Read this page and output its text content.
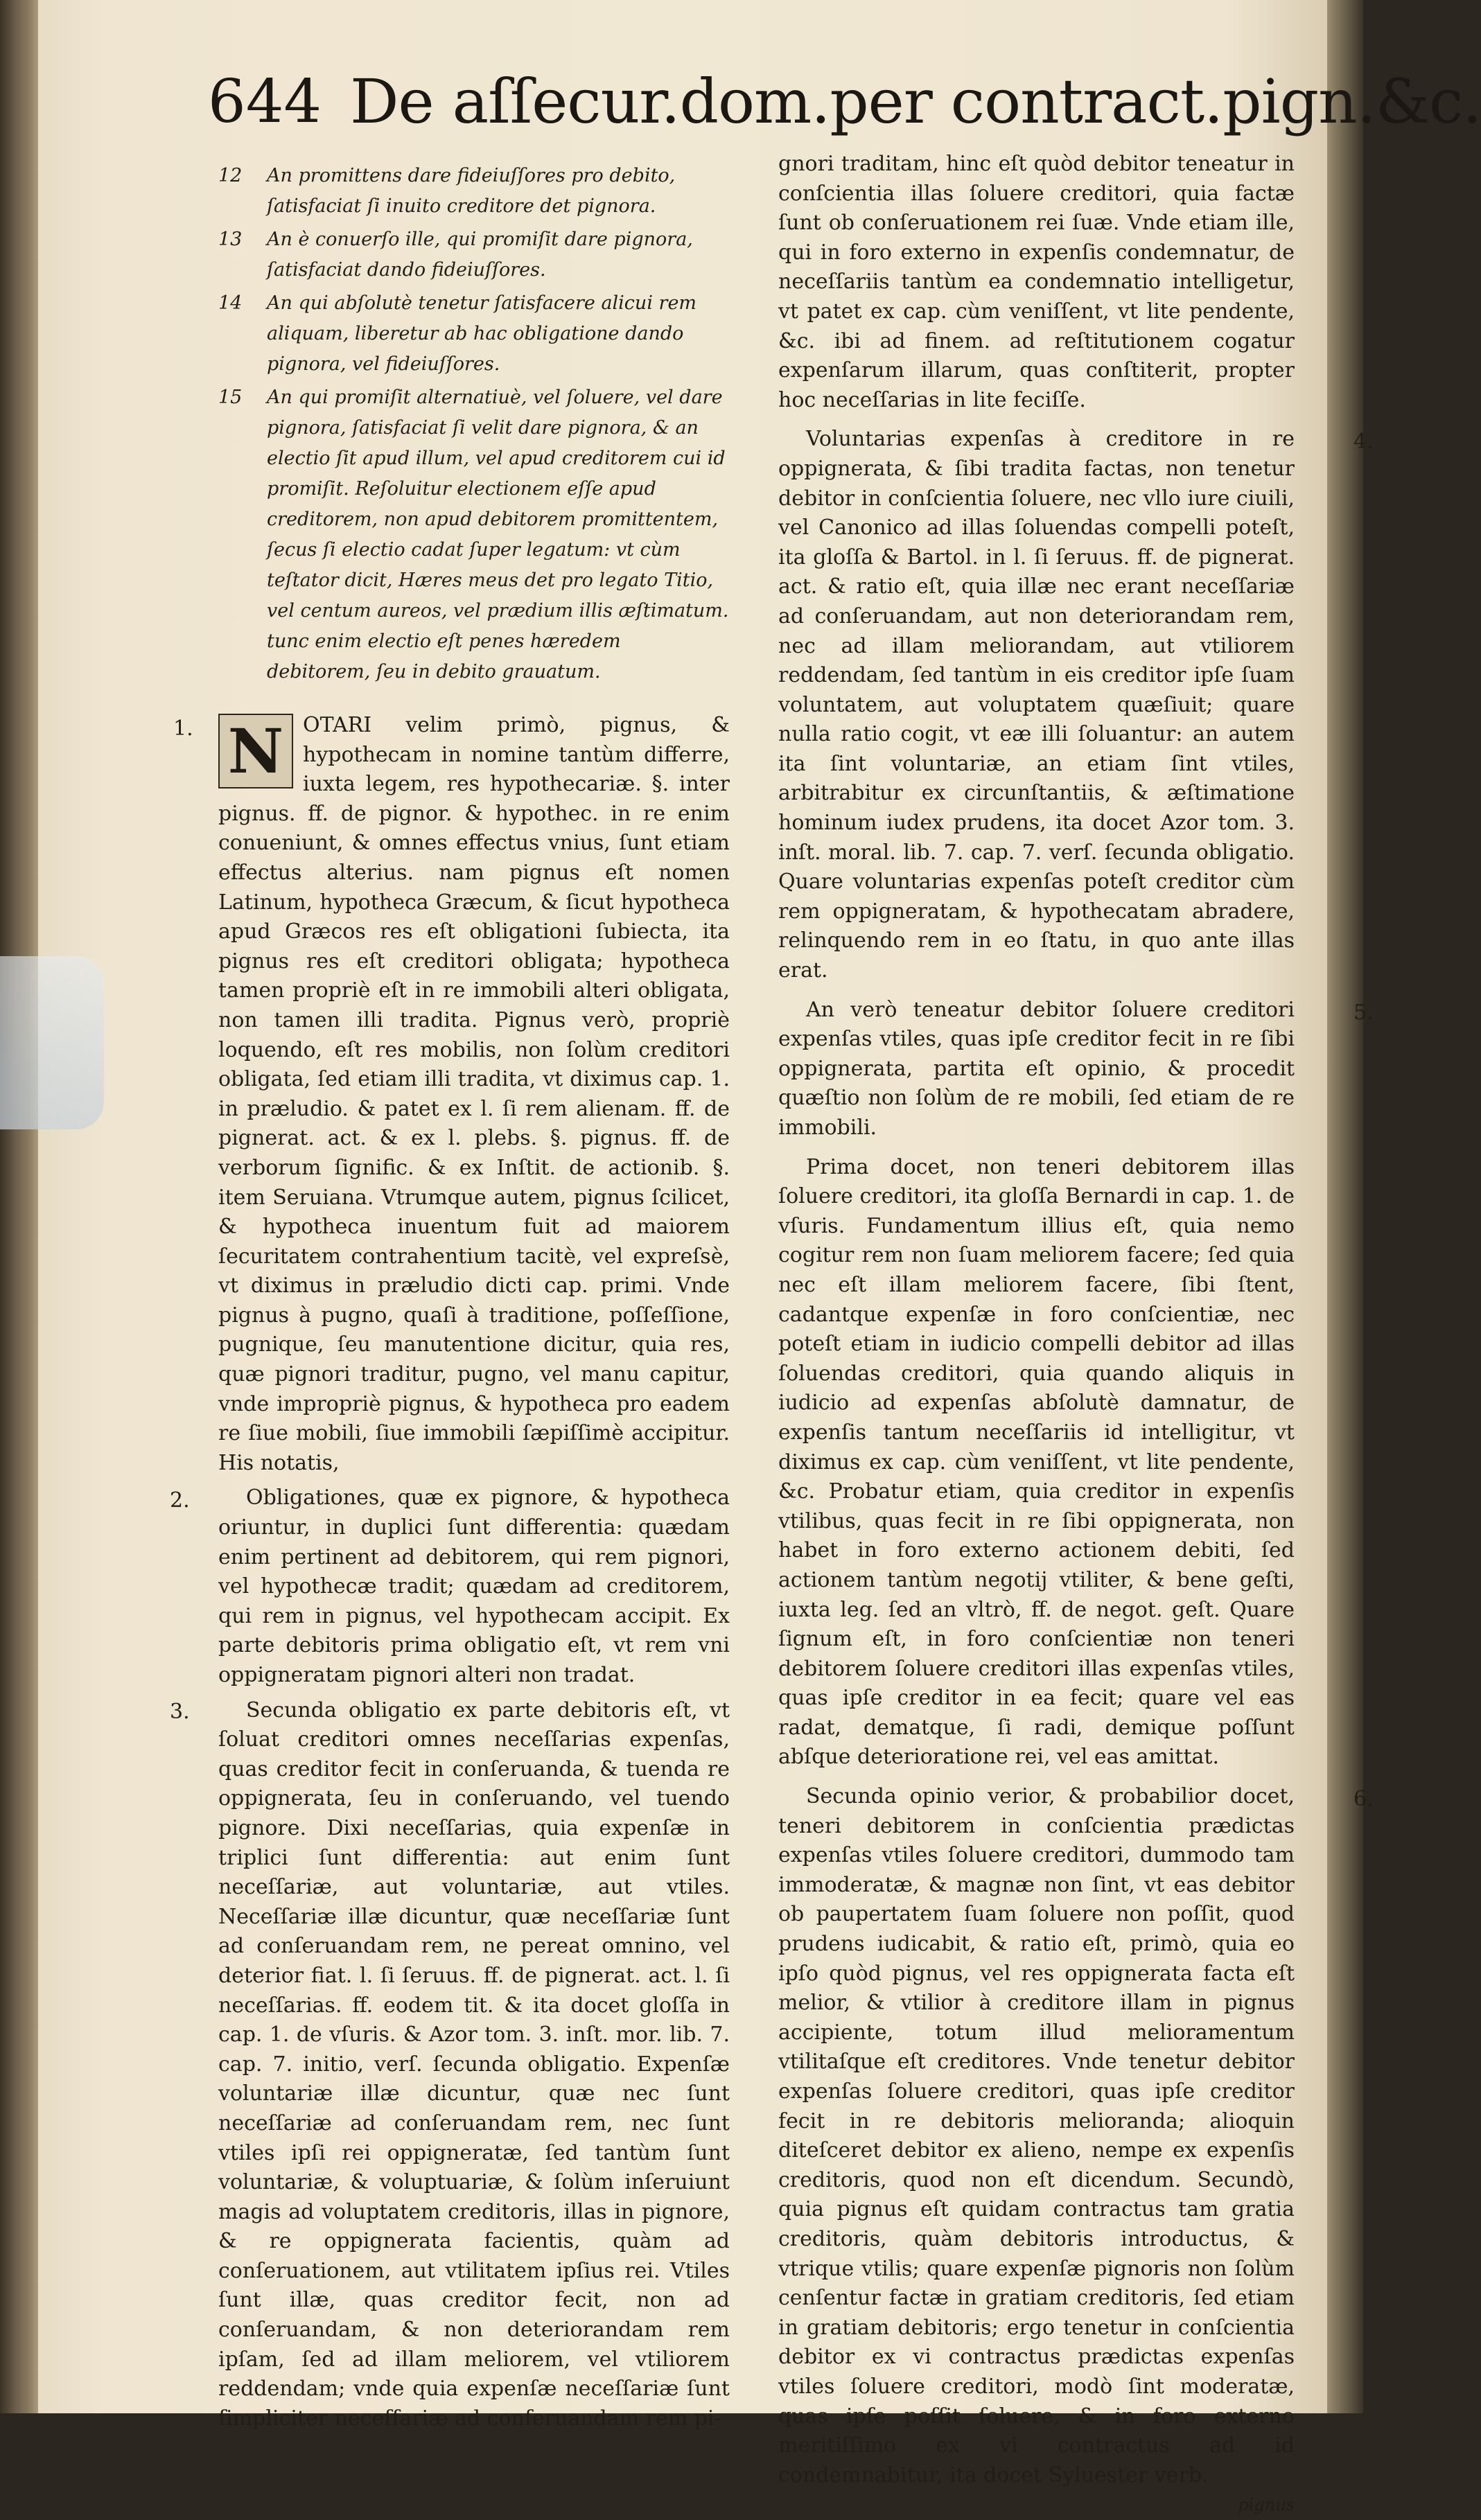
644 De aſſecur.dom.per contract.pign.&c.
12 An promittens dare fideiuſſores pro debito, ſatisfaciat ſi inuito creditore det pignora.
13 An è conuerſo ille, qui promiſit dare pignora, ſatisfaciat dando fideiuſſores.
14 An qui abſolutè tenetur ſatisfacere alicui rem aliquam, liberetur ab hac obligatione dando pignora, vel fideiuſſores.
15 An qui promiſit alternatiuè, vel ſoluere, vel dare pignora, ſatisfaciat ſi velit dare pignora, & an electio ſit apud illum, vel apud creditorem cui id promiſit. Reſoluitur electionem eſſe apud creditorem, non apud debitorem promittentem, ſecus ſi electio cadat ſuper legatum: vt cùm teſtator dicit, Hæres meus det pro legato Titio, vel centum aureos, vel prædium illis æſtimatum. tunc enim electio eſt penes hæredem debitorem, ſeu in debito grauatum.
1. N OTARI velim primò, pignus, & hypothecam in nomine tantùm differre, iuxta legem, res hypothecariæ. §. inter pignus. ff. de pignor. & hypothec. in re enim conueniunt, & omnes effectus vnius, ſunt etiam effectus alterius. nam pignus eſt nomen Latinum, hypotheca Græcum, & ſicut hypotheca apud Græcos res eſt obligationi ſubiecta, ita pignus res eſt creditori obligata; hypotheca tamen propriè eſt in re immobili alteri obligata, non tamen illi tradita. Pignus verò, propriè loquendo, eſt res mobilis, non ſolùm creditori obligata, ſed etiam illi tradita, vt diximus cap. 1. in præludio. & patet ex l. ſi rem alienam. ff. de pignerat. act. & ex l. plebs. §. pignus. ff. de verborum ſignific. & ex Inſtit. de actionib. §. item Seruiana. Vtrumque autem, pignus ſcilicet, & hypotheca inuentum fuit ad maiorem ſecuritatem contrahentium tacitè, vel expreſsè, vt diximus in præludio dicti cap. primi. Vnde pignus à pugno, quaſi à traditione, poſſeſſione, pugnique, ſeu manutentione dicitur, quia res, quæ pignori traditur, pugno, vel manu capitur, vnde impropriè pignus, & hypotheca pro eadem re ſiue mobili, ſiue immobili ſæpiſſimè accipitur. His notatis,

2.	Obligationes, quæ ex pignore, & hypotheca oriuntur, in duplici ſunt differentia: quædam enim pertinent ad debitorem, qui rem pignori, vel hypothecæ tradit; quædam ad creditorem, qui rem in pignus, vel hypothecam accipit. Ex parte debitoris prima obligatio eſt, vt rem vni oppigneratam pignori alteri non tradat.
3.	Secunda obligatio ex parte debitoris eſt, vt ſoluat creditori omnes neceſſarias expenſas, quas creditor fecit in conſeruanda, & tuenda re oppignerata, ſeu in conſeruando, vel tuendo pignore. Dixi neceſſarias, quia expenſæ in triplici ſunt differentia: aut enim ſunt neceſſariæ, aut voluntariæ, aut vtiles. Neceſſariæ illæ dicuntur, quæ neceſſariæ ſunt ad conſeruandam rem, ne pereat omnino, vel deterior fiat. l. ſi ſeruus. ff. de pignerat. act. l. ſi neceſſarias. ff. eodem tit. & ita docet gloſſa in cap. 1. de vſuris. & Azor tom. 3. inſt. mor. lib. 7. cap. 7. initio, verſ. ſecunda obligatio. Expenſæ voluntariæ illæ dicuntur, quæ nec ſunt neceſſariæ ad conſeruandam rem, nec ſunt vtiles ipſi rei oppigneratæ, ſed tantùm ſunt voluntariæ, & voluptuariæ, & ſolùm inſeruiunt magis ad voluptatem creditoris, illas in pignore, & re oppignerata facientis, quàm ad conſeruationem, aut vtilitatem ipſius rei. Vtiles ſunt illæ, quas creditor fecit, non ad conſeruandam, & non deteriorandam rem ipſam, ſed ad illam meliorem, vel vtiliorem reddendam; vnde quia expenſæ neceſſariæ ſunt ſimpliciter neceſſariæ ad conſeruandam rem pi-

gnori traditam, hinc eſt quòd debitor teneatur in conſcientia illas ſoluere creditori, quia factæ ſunt ob conſeruationem rei ſuæ. Vnde etiam ille, qui in foro externo in expenſis condemnatur, de neceſſariis tantùm ea condemnatio intelligetur, vt patet ex cap. cùm veniſſent, vt lite pendente, &c. ibi ad finem. ad reſtitutionem cogatur expenſarum illarum, quas conſtiterit, propter hoc neceſſarias in lite feciſſe.

4.
Voluntarias expenſas à creditore in re oppigneratа, & ſibi tradita factas, non tenetur debitor in conſcientia ſoluere, nec vllo iure ciuili, vel Canonico ad illas ſoluendas compelli poteſt, ita gloſſa & Bartol. in l. ſi ſeruus. ff. de pignerat. act. & ratio eſt, quia illæ nec erant neceſſariæ ad conſeruandam, aut non deteriorandam rem, nec ad illam meliorandam, aut vtiliorem reddendam, ſed tantùm in eis creditor ipſe ſuam voluntatem, aut voluptatem quæſiuit; quare nulla ratio cogit, vt eæ illi ſoluantur: an autem ita ſint voluntariæ, an etiam ſint vtiles, arbitrabitur ex circunſtantiis, & æſtimatione hominum iudex prudens, ita docet Azor tom. 3. inſt. moral. lib. 7. cap. 7. verſ. ſecunda obligatio. Quare voluntarias expenſas poteſt creditor cùm rem oppigneratam, & hypothecatam abradere, relinquendo rem in eo ſtatu, in quo ante illas erat.
5.
An verò teneatur debitor ſoluere creditori expenſas vtiles, quas ipſe creditor fecit in re ſibi oppignerata, partita eſt opinio, & procedit quæſtio non ſolùm de re mobili, ſed etiam de re immobili.

Prima docet, non teneri debitorem illas ſoluere creditori, ita gloſſa Bernardi in cap. 1. de vſuris. Fundamentum illius eſt, quia nemo cogitur rem non ſuam meliorem facere; ſed quia nec eſt illam meliorem facere, ſibi ſtent, cadantque expenſæ in foro conſcientiæ, nec poteſt etiam in iudicio compelli debitor ad illas ſoluendas creditori, quia quando aliquis in iudicio ad expenſas abſolutè damnatur, de expenſis tantum neceſſariis id intelligitur, vt diximus ex cap. cùm veniſſent, vt lite pendente, &c. Probatur etiam, quia creditor in expenſis vtilibus, quas fecit in re ſibi oppignerata, non habet in foro externo actionem debiti, ſed actionem tantùm negotij vtiliter, & bene geſti, iuxta leg. ſed an vltrò, ff. de negot. geſt. Quare ſignum eſt, in foro conſcientiæ non teneri debitorem ſoluere creditori illas expenſas vtiles, quas ipſe creditor in ea fecit; quare vel eas radat, dematque, ſi radi, demique poſſunt abſque deterioratione rei, vel eas amittat.

6.
Secunda opinio verior, & probabilior docet, teneri debitorem in conſcientia prædictas expenſas vtiles ſoluere creditori, dummodo tam immoderatæ, & magnæ non ſint, vt eas debitor ob paupertatem ſuam ſoluere non poſſit, quod prudens iudicabit, & ratio eſt, primò, quia eo ipſo quòd pignus, vel res oppignerata facta eſt melior, & vtilior à creditore illam in pignus accipiente, totum illud melioramentum vtilitaſque eſt creditores. Vnde tenetur debitor expenſas ſoluere creditori, quas ipſe creditor fecit in re debitoris melioranda; alioquin diteſceret debitor ex alieno, nempe ex expenſis creditoris, quod non eſt dicendum. Secundò, quia pignus eſt quidam contractus tam gratia creditoris, quàm debitoris introductus, & vtrique vtilis; quare expenſæ pignoris non ſolùm cenſentur factæ in gratiam creditoris, ſed etiam in gratiam debitoris; ergo tenetur in conſcientia debitor ex vi contractus prædictas expenſas vtiles ſoluere creditori, modò ſint moderatæ, quas ipſe poſſit ſoluere, & in foro externo meritiſſimo ex vi contractus ad id condemnabitur, ita docet Syluester verb.
pignus
